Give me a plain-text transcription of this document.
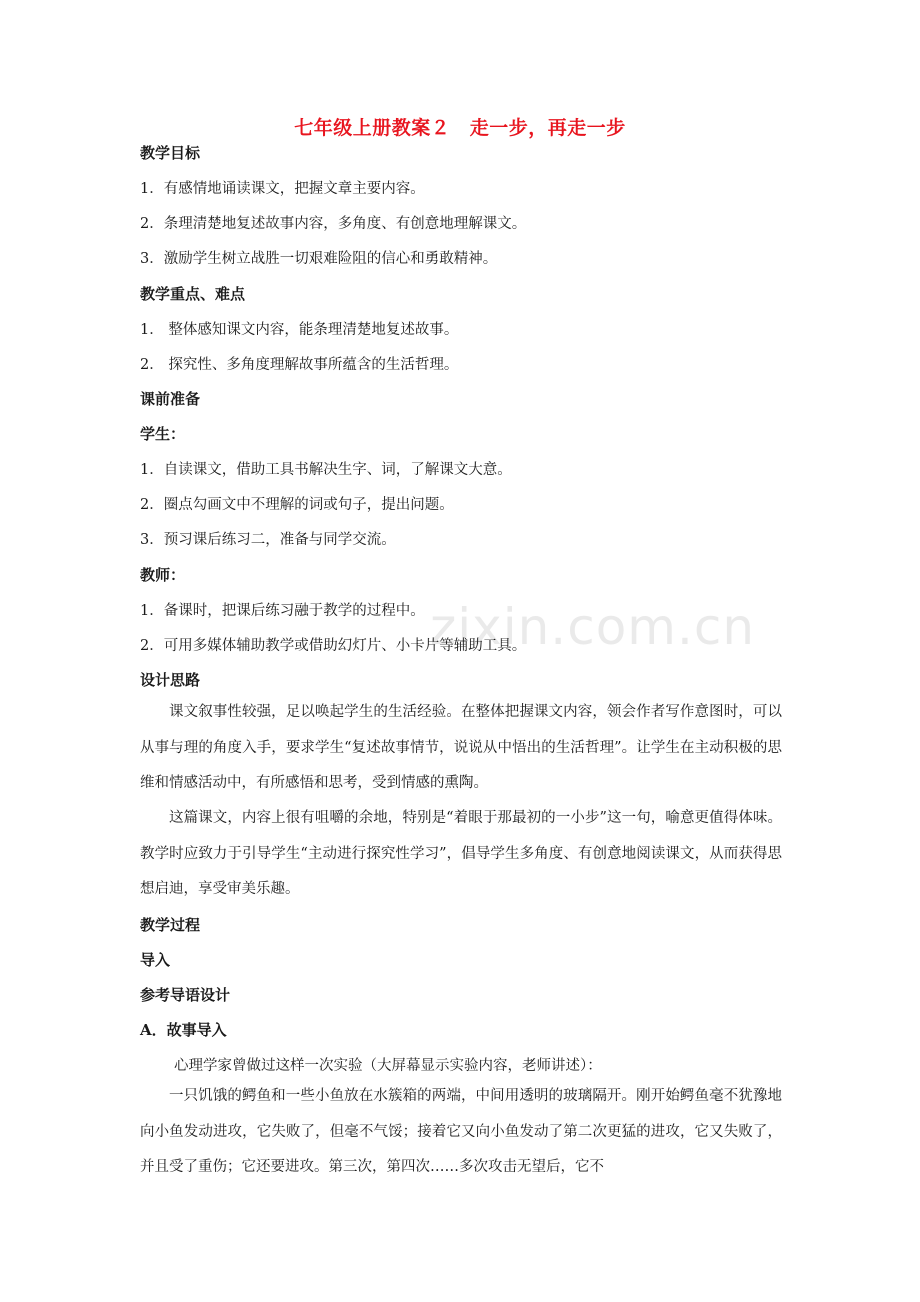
zixin.com.cn
七年级上册教案２　走一步，再走一步
教学目标
1．有感情地诵读课文，把握文章主要内容。
2．条理清楚地复述故事内容，多角度、有创意地理解课文。
3．激励学生树立战胜一切艰难险阻的信心和勇敢精神。
教学重点、难点
1． 整体感知课文内容，能条理清楚地复述故事。
2． 探究性、多角度理解故事所蕴含的生活哲理。
课前准备
学生：
1．自读课文，借助工具书解决生字、词，了解课文大意。
2．圈点勾画文中不理解的词或句子，提出问题。
3．预习课后练习二，准备与同学交流。
教师：
1．备课时，把课后练习融于教学的过程中。
2．可用多媒体辅助教学或借助幻灯片、小卡片等辅助工具。
设计思路
课文叙事性较强，足以唤起学生的生活经验。在整体把握课文内容，领会作者写作意图时，可以从事与理的角度入手，要求学生“复述故事情节，说说从中悟出的生活哲理”。让学生在主动积极的思维和情感活动中，有所感悟和思考，受到情感的熏陶。
这篇课文，内容上很有咀嚼的余地，特别是“着眼于那最初的一小步”这一句，喻意更值得体味。教学时应致力于引导学生“主动进行探究性学习”，倡导学生多角度、有创意地阅读课文，从而获得思想启迪，享受审美乐趣。
教学过程
导入
参考导语设计
A．故事导入
心理学家曾做过这样一次实验（大屏幕显示实验内容，老师讲述）：
一只饥饿的鳄鱼和一些小鱼放在水簇箱的两端，中间用透明的玻璃隔开。刚开始鳄鱼毫不犹豫地向小鱼发动进攻，它失败了，但毫不气馁；接着它又向小鱼发动了第二次更猛的进攻，它又失败了，并且受了重伤；它还要进攻。第三次，第四次……多次攻击无望后，它不
